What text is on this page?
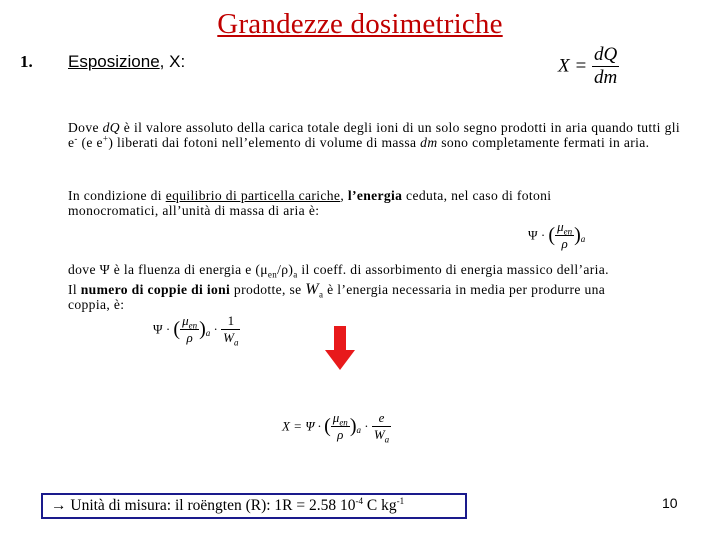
Grandezze dosimetriche
1. Esposizione, X:	$X = \frac{dQ}{dm}$
Dove dQ è il valore assoluto della carica totale degli ioni di un solo segno prodotti in aria quando tutti gli e- (e e+) liberati dai fotoni nell’elemento di volume di massa dm sono completamente fermati in aria.
In condizione di equilibrio di particella cariche, l’energia ceduta, nel caso di fotoni monocromatici, all’unità di massa di aria è:
Ψ · ( $\frac{\mu_{en}}{\rho} )_a$
dove Ψ è la fluenza di energia e $(\mu_{en}/\rho)_a$ il coeff. di assorbimento di energia massico dell’aria.
Il numero di coppie di ioni prodotte, se $W_a$ è l’energia necessaria in media per produrre una
coppia, è:
Ψ · ( $\frac{\mu_{en}}{\rho} )_a \cdot \frac{1}{W_a}$
X = Ψ · ( $\frac{\mu_{en}}{\rho} )_a \cdot \frac{e}{W_a}$
→ Unità di misura: il roëngten (R): 1R = 2.58 $10^{-4}$ C $kg^{-1}$	10
